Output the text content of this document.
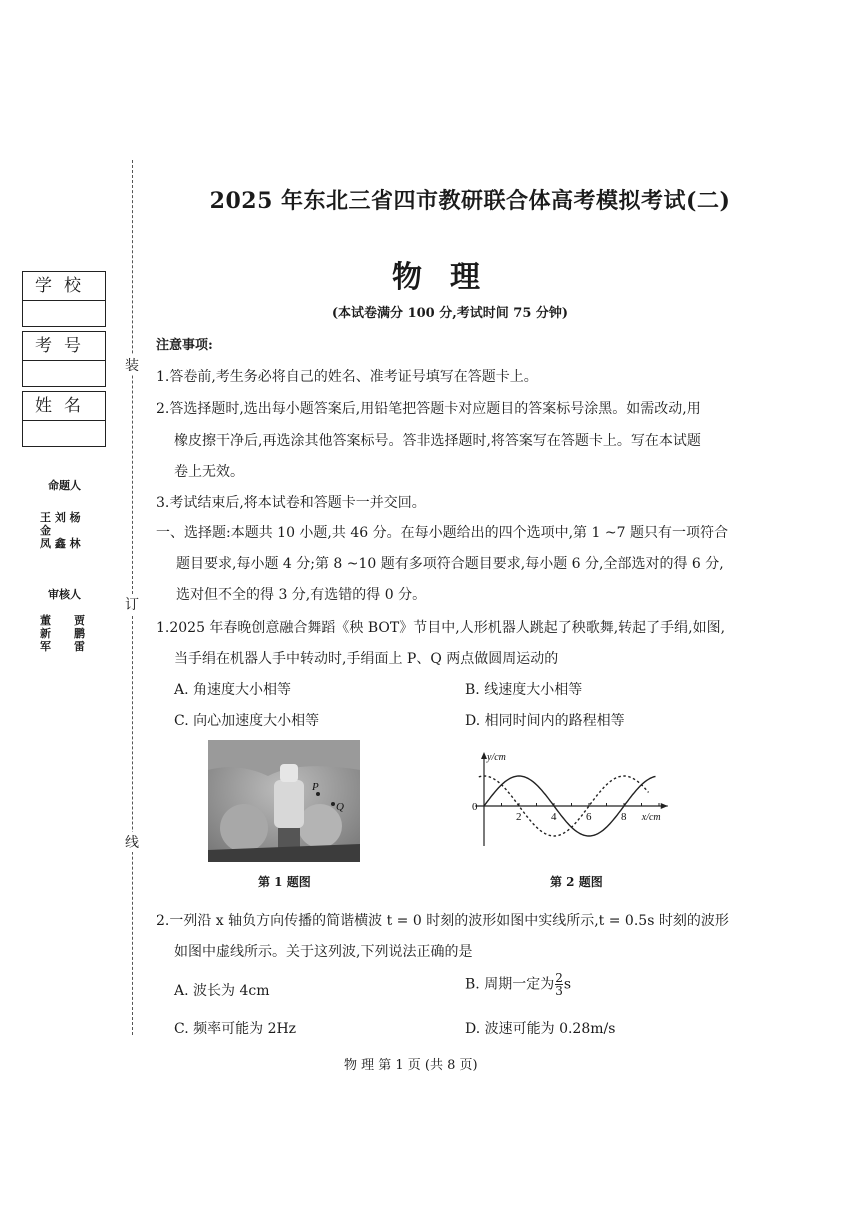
学校
考号
姓名
命题人
王 刘 杨
金
凤 鑫 林
审核人
董      贾
新      鹏
军      雷
装
订
线
2025 年东北三省四市教研联合体高考模拟考试(二)
物理
(本试卷满分 100 分,考试时间 75 分钟)
注意事项:
1.答卷前,考生务必将自己的姓名、准考证号填写在答题卡上。
2.答选择题时,选出每小题答案后,用铅笔把答题卡对应题目的答案标号涂黑。如需改动,用
橡皮擦干净后,再选涂其他答案标号。答非选择题时,将答案写在答题卡上。写在本试题
卷上无效。
3.考试结束后,将本试卷和答题卡一并交回。
一、选择题:本题共 10 小题,共 46 分。在每小题给出的四个选项中,第 1 ~7 题只有一项符合
题目要求,每小题 4 分;第 8 ~10 题有多项符合题目要求,每小题 6 分,全部选对的得 6 分,
选对但不全的得 3 分,有选错的得 0 分。
1.2025 年春晚创意融合舞蹈《秧 BOT》节目中,人形机器人跳起了秧歌舞,转起了手绢,如图,
当手绢在机器人手中转动时,手绢面上 P、Q 两点做圆周运动的
A. 角速度大小相等	B. 线速度大小相等
C. 向心加速度大小相等	D. 相同时间内的路程相等
P
Q
第 1 题图
2	4	6	8
0
y/cm
x/cm
第 2 题图
2.一列沿 x 轴负方向传播的简谐横波 t = 0 时刻的波形如图中实线所示,t = 0.5s 时刻的波形
如图中虚线所示。关于这列波,下列说法正确的是
A. 波长为 4cm	B. 周期一定为 $\frac{2}{3}$ s
C. 频率可能为 2Hz	D. 波速可能为 0.28m/s
物 理 第 1 页 (共 8 页)
